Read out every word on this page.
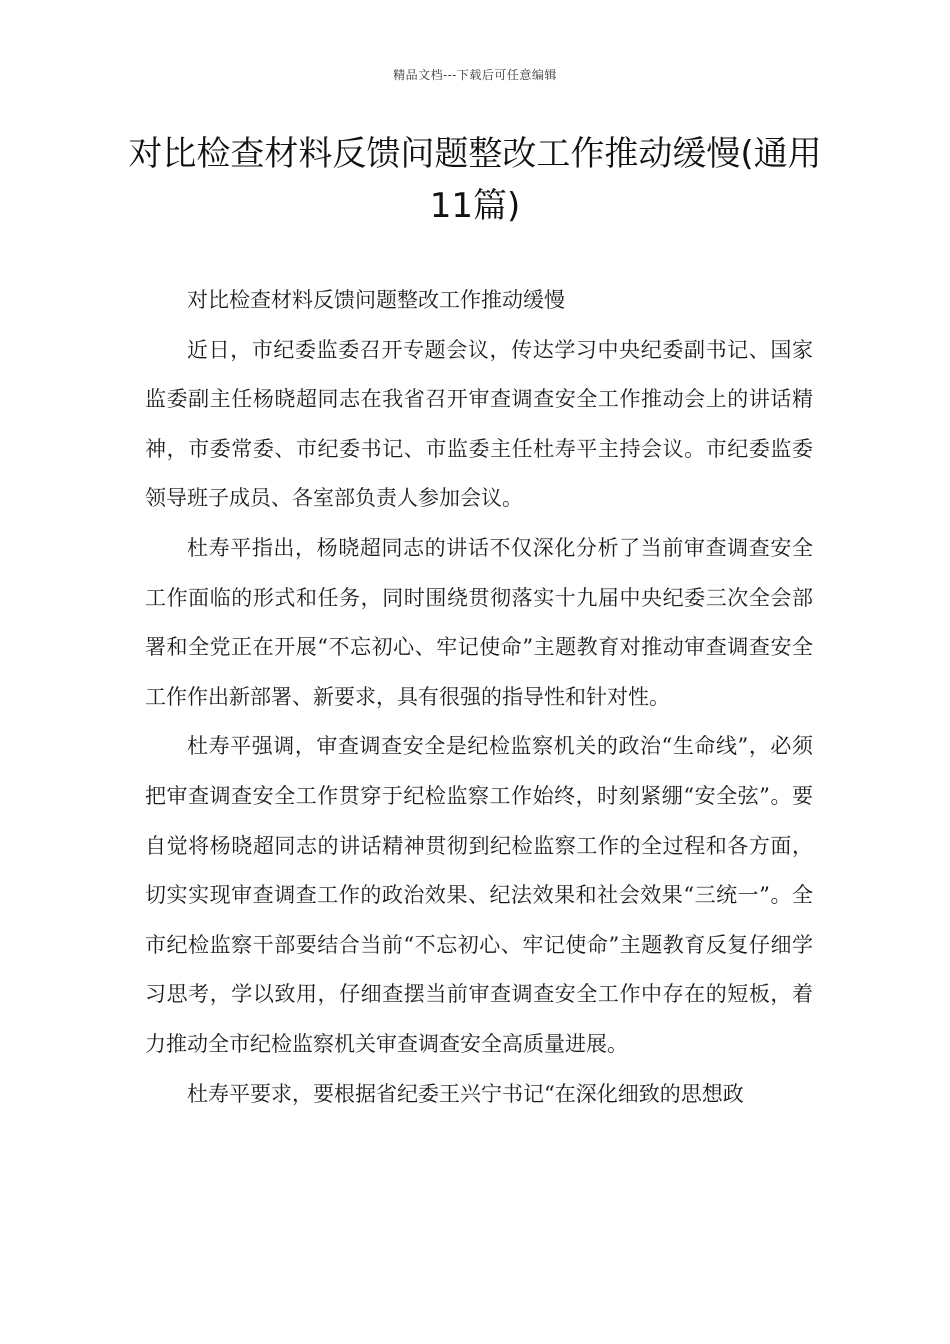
精品文档---下载后可任意编辑
对比检查材料反馈问题整改工作推动缓慢(通用11篇)

对比检查材料反馈问题整改工作推动缓慢

近日，市纪委监委召开专题会议，传达学习中央纪委副书记、国家监委副主任杨晓超同志在我省召开审查调查安全工作推动会上的讲话精神，市委常委、市纪委书记、市监委主任杜寿平主持会议。市纪委监委领导班子成员、各室部负责人参加会议。

杜寿平指出，杨晓超同志的讲话不仅深化分析了当前审查调查安全工作面临的形式和任务，同时围绕贯彻落实十九届中央纪委三次全会部署和全党正在开展“不忘初心、牢记使命”主题教育对推动审查调查安全工作作出新部署、新要求，具有很强的指导性和针对性。

杜寿平强调，审查调查安全是纪检监察机关的政治“生命线”，必须把审查调查安全工作贯穿于纪检监察工作始终，时刻紧绷“安全弦”。要自觉将杨晓超同志的讲话精神贯彻到纪检监察工作的全过程和各方面，切实实现审查调查工作的政治效果、纪法效果和社会效果“三统一”。全市纪检监察干部要结合当前“不忘初心、牢记使命”主题教育反复仔细学习思考，学以致用，仔细查摆当前审查调查安全工作中存在的短板，着力推动全市纪检监察机关审查调查安全高质量进展。

杜寿平要求，要根据省纪委王兴宁书记“在深化细致的思想政
